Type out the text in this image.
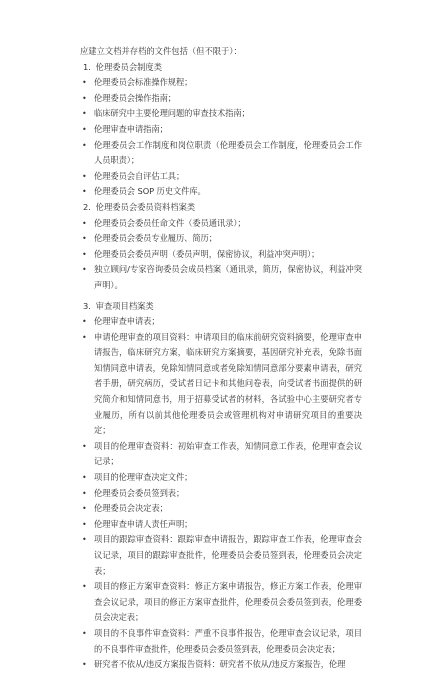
应建立文档并存档的文件包括（但不限于）：
1. 伦理委员会制度类
• 伦理委员会标准操作规程；
• 伦理委员会操作指南；
• 临床研究中主要伦理问题的审查技术指南；
• 伦理审查申请指南；
• 伦理委员会工作制度和岗位职责（伦理委员会工作制度，伦理委员会工作人员职责）；
• 伦理委员会自评估工具；
• 伦理委员会 SOP 历史文件库。
2. 伦理委员会委员资料档案类
• 伦理委员会委员任命文件（委员通讯录）；
• 伦理委员会委员专业履历、简历；
• 伦理委员会委员声明（委员声明，保密协议，利益冲突声明）；
• 独立顾问/专家咨询委员会成员档案（通讯录，简历，保密协议，利益冲突声明）。
3. 审查项目档案类
• 伦理审查申请表；
• 申请伦理审查的项目资料：申请项目的临床前研究资料摘要，伦理审查申请报告，临床研究方案，临床研究方案摘要，基因研究补充表，免除书面知情同意申请表，免除知情同意或者免除知情同意部分要素申请表，研究者手册，研究病历，受试者日记卡和其他问卷表，向受试者书面提供的研究简介和知情同意书，用于招募受试者的材料，各试验中心主要研究者专业履历，所有以前其他伦理委员会或管理机构对申请研究项目的重要决定；
• 项目的伦理审查资料：初始审查工作表，知情同意工作表，伦理审查会议记录；
• 项目的伦理审查决定文件；
• 伦理委员会委员签到表；
• 伦理委员会决定表；
• 伦理审查申请人责任声明；
• 项目的跟踪审查资料：跟踪审查申请报告，跟踪审查工作表，伦理审查会议记录，项目的跟踪审查批件，伦理委员会委员签到表，伦理委员会决定表；
• 项目的修正方案审查资料：修正方案申请报告，修正方案工作表，伦理审查会议记录，项目的修正方案审查批件，伦理委员会委员签到表，伦理委员会决定表；
• 项目的不良事件审查资料：严重不良事件报告，伦理审查会议记录，项目的不良事件审查批件，伦理委员会委员签到表，伦理委员会决定表；
• 研究者不依从/违反方案报告资料：研究者不依从/违反方案报告，伦理
